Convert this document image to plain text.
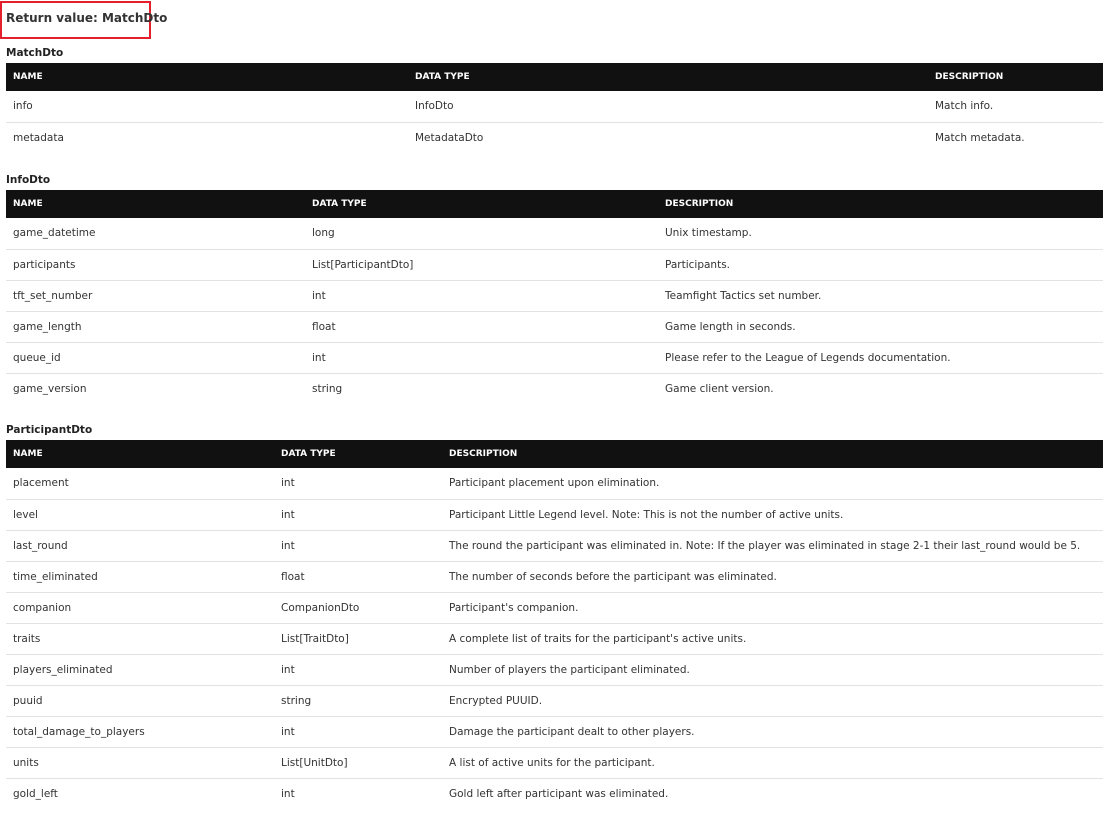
Return value: MatchDto
MatchDto
NAME	DATA TYPE	DESCRIPTION
info	InfoDto	Match info.
metadata	MetadataDto	Match metadata.
InfoDto
NAME	DATA TYPE	DESCRIPTION
game_datetime	long	Unix timestamp.
participants	List[ParticipantDto]	Participants.
tft_set_number	int	Teamfight Tactics set number.
game_length	float	Game length in seconds.
queue_id	int	Please refer to the League of Legends documentation.
game_version	string	Game client version.
ParticipantDto
NAME	DATA TYPE	DESCRIPTION
placement	int	Participant placement upon elimination.
level	int	Participant Little Legend level. Note: This is not the number of active units.
last_round	int	The round the participant was eliminated in. Note: If the player was eliminated in stage 2-1 their last_round would be 5.
time_eliminated	float	The number of seconds before the participant was eliminated.
companion	CompanionDto	Participant's companion.
traits	List[TraitDto]	A complete list of traits for the participant's active units.
players_eliminated	int	Number of players the participant eliminated.
puuid	string	Encrypted PUUID.
total_damage_to_players	int	Damage the participant dealt to other players.
units	List[UnitDto]	A list of active units for the participant.
gold_left	int	Gold left after participant was eliminated.
